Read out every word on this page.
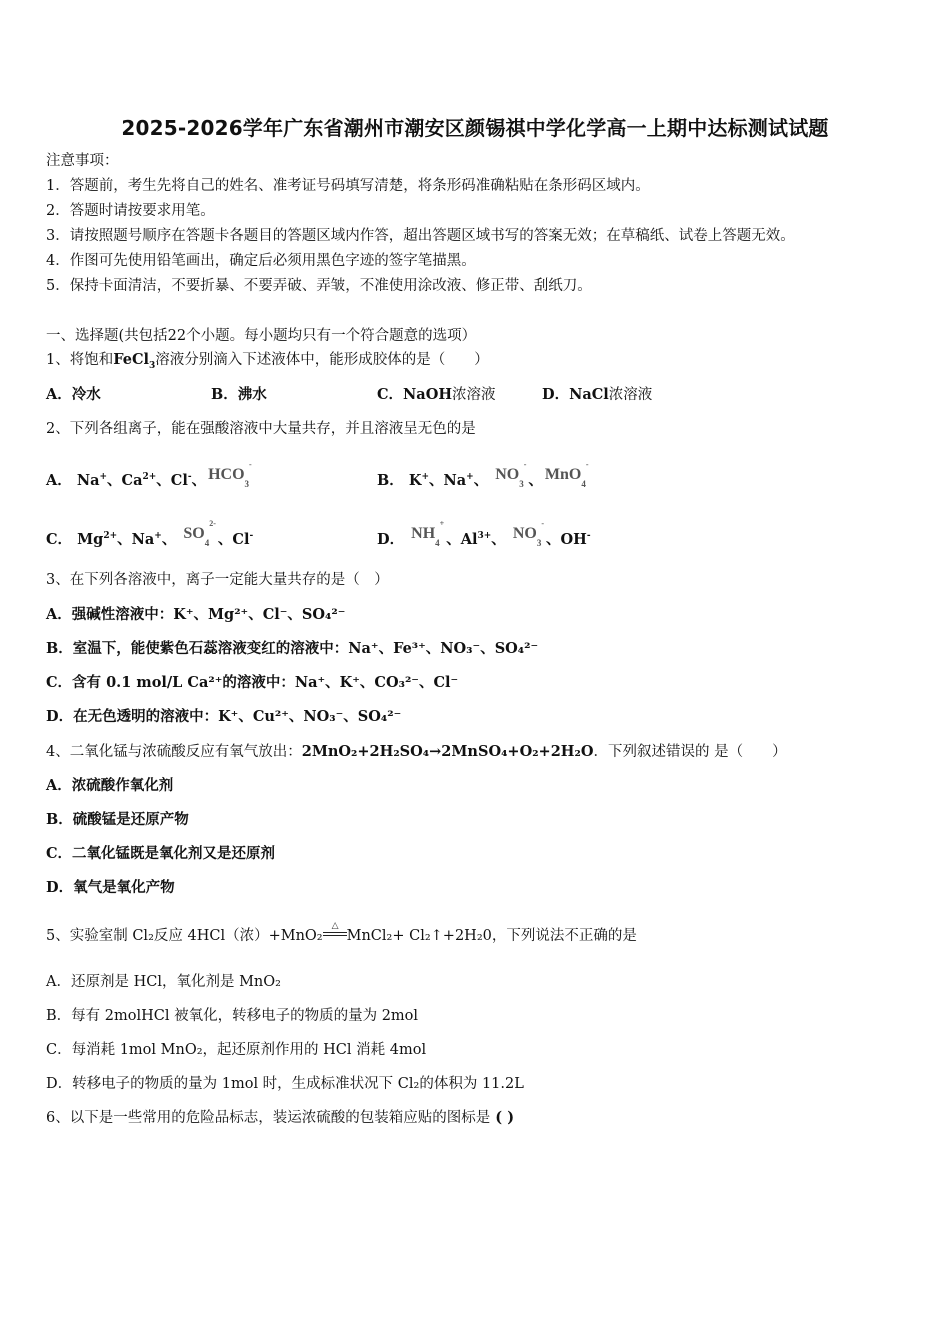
2025-2026学年广东省潮州市潮安区颜锡祺中学化学高一上期中达标测试试题
注意事项：
1．答题前，考生先将自己的姓名、准考证号码填写清楚，将条形码准确粘贴在条形码区域内。
2．答题时请按要求用笔。
3．请按照题号顺序在答题卡各题目的答题区域内作答，超出答题区域书写的答案无效；在草稿纸、试卷上答题无效。
4．作图可先使用铅笔画出，确定后必须用黑色字迹的签字笔描黑。
5．保持卡面清洁，不要折暴、不要弄破、弄皱，不准使用涂改液、修正带、刮纸刀。
一、选择题(共包括22个小题。每小题均只有一个符合题意的选项）
1、将饱和FeCl$_3$溶液分别滴入下述液体中，能形成胶体的是（　　）
A．冷水	B．沸水	C．NaOH浓溶液	D．NaCl浓溶液
2、下列各组离子，能在强酸溶液中大量共存，并且溶液呈无色的是
A． Na+、$Ca^{2+}$、Cl-、 $HCO_3^-$
B． K+、Na+、 $NO_3^-$、 MnO$_4$-
C． $Mg^{2+}$、Na+、 $SO_4^{2-}$、Cl-	D． $NH_4^+$、$Al^{3+}$、 $NO_3^-$、OH-
3、在下列各溶液中，离子一定能大量共存的是（　）
A．强碱性溶液中：K⁺、Mg²⁺、Cl⁻、SO₄²⁻
B．室温下，能使紫色石蕊溶液变红的溶液中：Na⁺、Fe³⁺、NO₃⁻、SO₄²⁻
C．含有 0.1 mol/L Ca²⁺的溶液中：Na⁺、K⁺、CO₃²⁻、Cl⁻
D．在无色透明的溶液中：K⁺、Cu²⁺、NO₃⁻、SO₄²⁻
4、二氧化锰与浓硫酸反应有氧气放出：2MnO₂+2H₂SO₄→2MnSO₄+O₂+2H₂O．下列叙述错误的 是（　　）
A．浓硫酸作氧化剂
B．硫酸锰是还原产物
C．二氧化锰既是氧化剂又是还原剂
D．氧气是氧化产物
5、实验室制 Cl₂反应 4HCl（浓）+MnO₂
△
MnCl₂+ Cl₂↑+2H₂0，下列说法不正确的是
A．还原剂是 HCl，氧化剂是 MnO₂
B．每有 2molHCl 被氧化，转移电子的物质的量为 2mol
C．每消耗 1mol MnO₂，起还原剂作用的 HCl 消耗 4mol
D．转移电子的物质的量为 1mol 时，生成标准状况下 Cl₂的体积为 11.2L
6、以下是一些常用的危险品标志，装运浓硫酸的包装箱应贴的图标是 ( )
